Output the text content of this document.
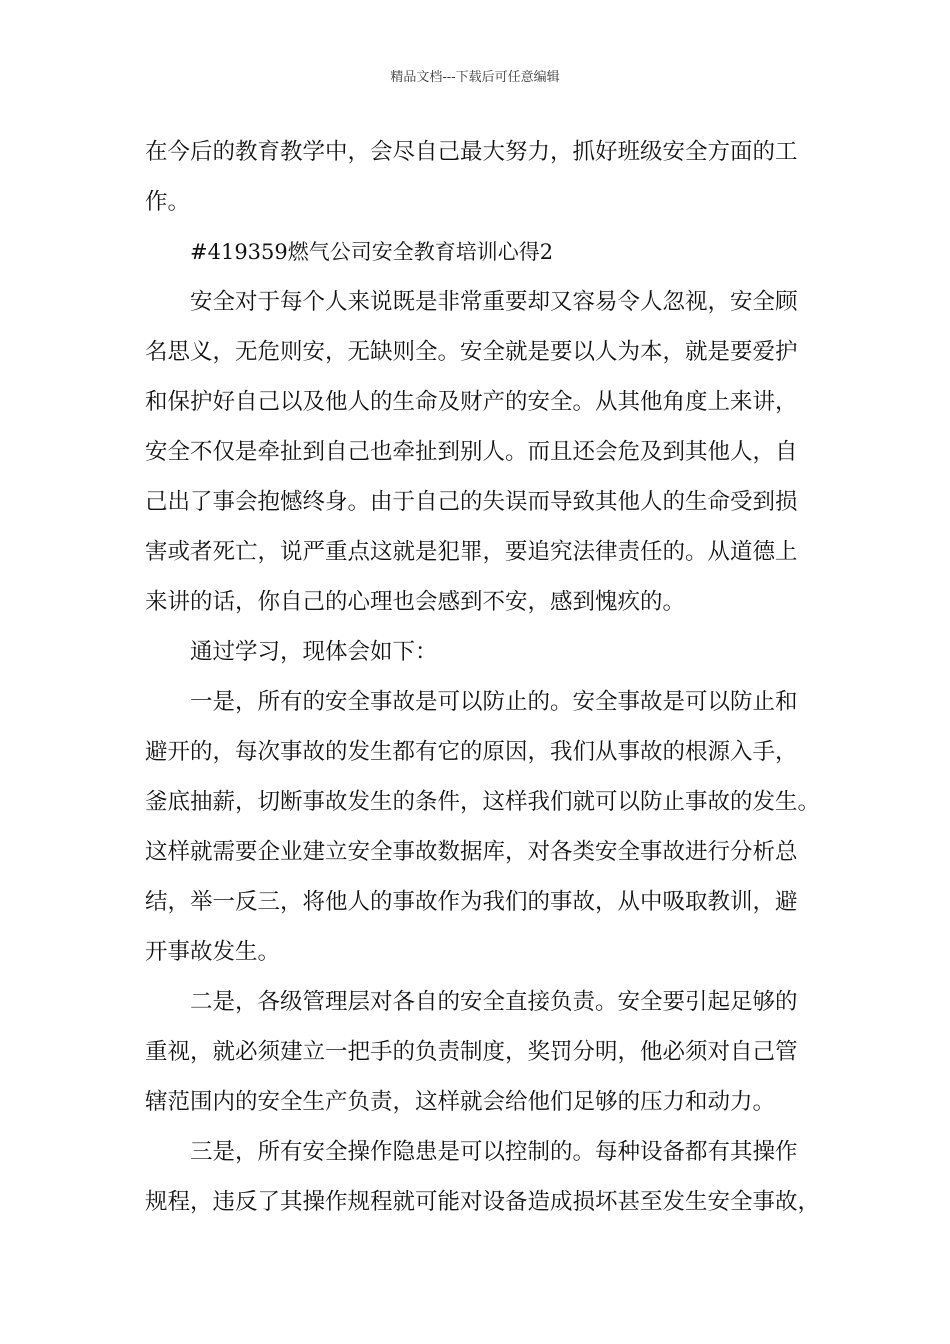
精品文档---下载后可任意编辑
在今后的教育教学中，会尽自己最大努力，抓好班级安全方面的工
作。
#419359燃气公司安全教育培训心得2
安全对于每个人来说既是非常重要却又容易令人忽视，安全顾
名思义，无危则安，无缺则全。安全就是要以人为本，就是要爱护
和保护好自己以及他人的生命及财产的安全。从其他角度上来讲，
安全不仅是牵扯到自己也牵扯到别人。而且还会危及到其他人，自
己出了事会抱憾终身。由于自己的失误而导致其他人的生命受到损
害或者死亡，说严重点这就是犯罪，要追究法律责任的。从道德上
来讲的话，你自己的心理也会感到不安，感到愧疚的。
通过学习，现体会如下：
一是，所有的安全事故是可以防止的。安全事故是可以防止和
避开的，每次事故的发生都有它的原因，我们从事故的根源入手，
釜底抽薪，切断事故发生的条件，这样我们就可以防止事故的发生。
这样就需要企业建立安全事故数据库，对各类安全事故进行分析总
结，举一反三，将他人的事故作为我们的事故，从中吸取教训，避
开事故发生。
二是，各级管理层对各自的安全直接负责。安全要引起足够的
重视，就必须建立一把手的负责制度，奖罚分明，他必须对自己管
辖范围内的安全生产负责，这样就会给他们足够的压力和动力。
三是，所有安全操作隐患是可以控制的。每种设备都有其操作
规程，违反了其操作规程就可能对设备造成损坏甚至发生安全事故，
